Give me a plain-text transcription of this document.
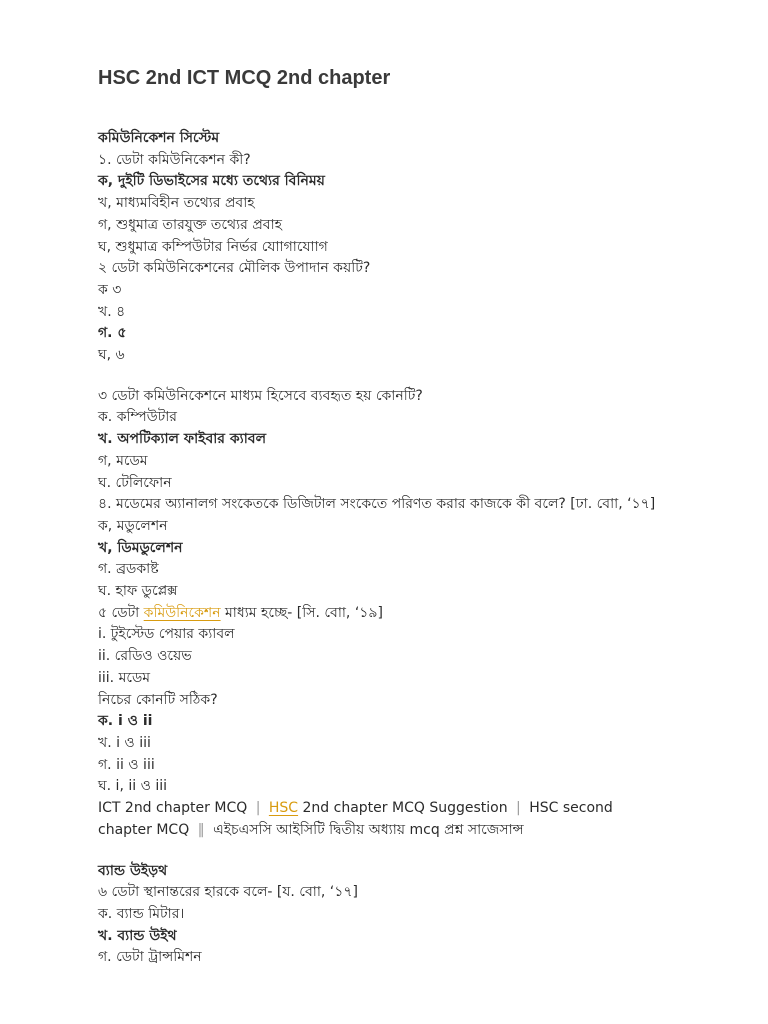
HSC 2nd ICT MCQ 2nd chapter
কমিউনিকেশন সিস্টেম
১. ডেটা কমিউনিকেশন কী?
ক, দুইটি ডিভাইসের মধ্যে তথ্যের বিনিময়
খ, মাধ্যমবিহীন তথ্যের প্রবাহ
গ, শুধুমাত্র তারযুক্ত তথ্যের প্রবাহ
ঘ, শুধুমাত্র কম্পিউটার নির্ভর যাোগাযাোগ
২ ডেটা কমিউনিকেশনের মৌলিক উপাদান কয়টি?
ক ৩
খ. ৪
গ. ৫
ঘ, ৬
৩ ডেটা কমিউনিকেশনে মাধ্যম হিসেবে ব্যবহৃত হয় কোনটি?
ক. কম্পিউটার
খ. অপটিক্যাল ফাইবার ক্যাবল
গ, মডেম
ঘ. টেলিফোন
৪. মডেমের অ্যানালগ সংকেতকে ডিজিটাল সংকেতে পরিণত করার কাজকে কী বলে? [ঢা. বাো, ‘১৭]
ক, মডুলেশন
খ, ডিমডুলেশন
গ. ব্রডকাষ্ট
ঘ. হাফ ডুপ্লেক্স
৫ ডেটা কমিউনিকেশন মাধ্যম হচ্ছে- [সি. বাো, ‘১৯]
i. টুইস্টেড পেয়ার ক্যাবল
ii. রেডিও ওয়েভ
iii. মডেম
নিচের কোনটি সঠিক?
ক. i ও ii
খ. i ও iii
গ. ii ও iii
ঘ. i, ii ও iii
ICT 2nd chapter MCQ | HSC 2nd chapter MCQ Suggestion | HSC second chapter MCQ ‖ এইচএসসি আইসিটি দ্বিতীয় অধ্যায় mcq প্রশ্ন সাজেসান্স
ব্যান্ড উইড়থ
৬ ডেটা স্থানান্তরের হারকে বলে- [য. বাো, ‘১৭]
ক. ব্যান্ড মিটার।
খ. ব্যান্ড উইথ
গ. ডেটা ট্রান্সমিশন
